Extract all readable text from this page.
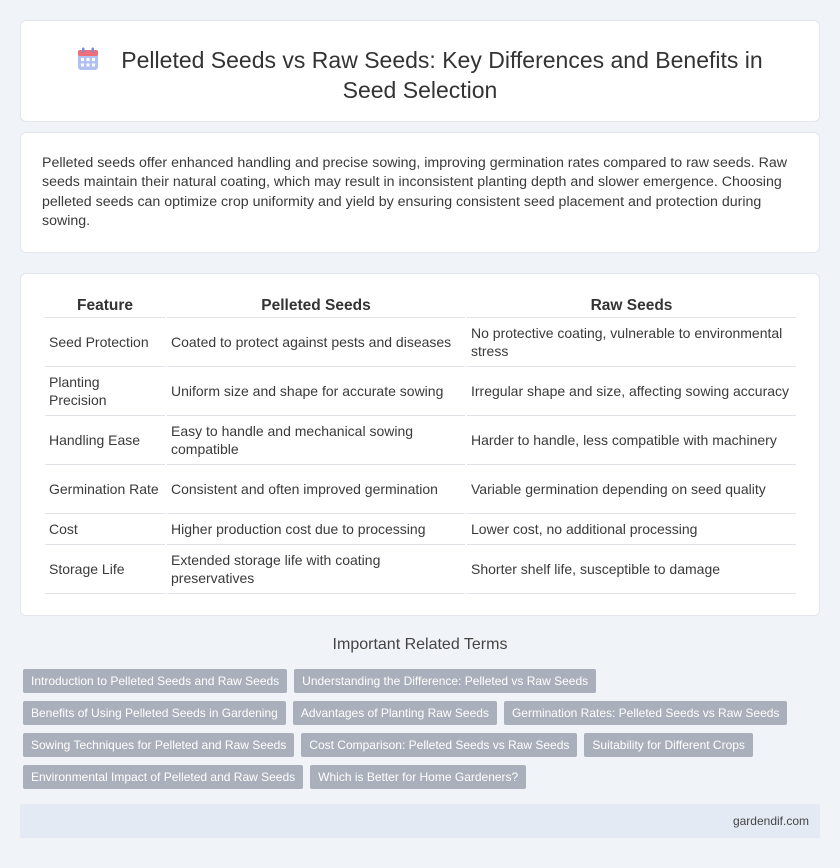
Pelleted Seeds vs Raw Seeds: Key Differences and Benefits in Seed Selection

Pelleted seeds offer enhanced handling and precise sowing, improving germination rates compared to raw seeds. Raw seeds maintain their natural coating, which may result in inconsistent planting depth and slower emergence. Choosing pelleted seeds can optimize crop uniformity and yield by ensuring consistent seed placement and protection during sowing.

Feature	Pelleted Seeds	Raw Seeds
Seed Protection	Coated to protect against pests and diseases	No protective coating, vulnerable to environmental stress
Planting Precision	Uniform size and shape for accurate sowing	Irregular shape and size, affecting sowing accuracy
Handling Ease	Easy to handle and mechanical sowing compatible	Harder to handle, less compatible with machinery
Germination Rate	Consistent and often improved germination	Variable germination depending on seed quality
Cost	Higher production cost due to processing	Lower cost, no additional processing
Storage Life	Extended storage life with coating preservatives	Shorter shelf life, susceptible to damage
Important Related Terms
Introduction to Pelleted Seeds and Raw Seeds	Understanding the Difference: Pelleted vs Raw Seeds
Benefits of Using Pelleted Seeds in Gardening	Advantages of Planting Raw Seeds	Germination Rates: Pelleted Seeds vs Raw Seeds
Sowing Techniques for Pelleted and Raw Seeds	Cost Comparison: Pelleted Seeds vs Raw Seeds	Suitability for Different Crops
Environmental Impact of Pelleted and Raw Seeds	Which is Better for Home Gardeners?
gardendif.com
